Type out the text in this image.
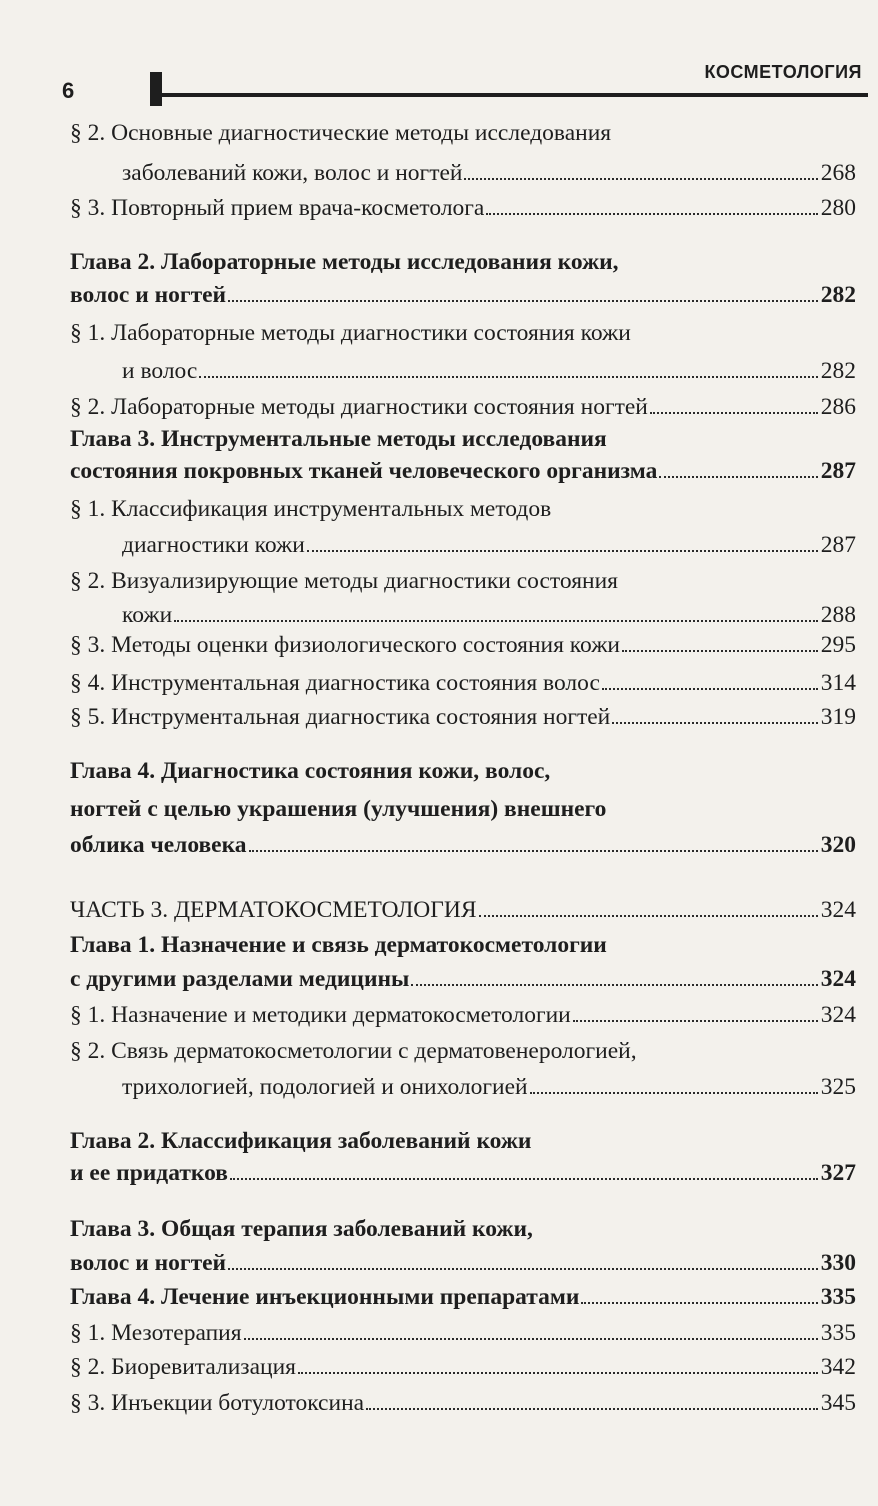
6
КОСМЕТОЛОГИЯ
§ 2. Основные диагностические методы исследования
заболеваний кожи, волос и ногтей	268
§ 3. Повторный прием врача-косметолога	280
Глава 2. Лабораторные методы исследования кожи,
волос и ногтей	282
§ 1. Лабораторные методы диагностики состояния кожи
и волос	282
§ 2. Лабораторные методы диагностики состояния ногтей	286
Глава 3. Инструментальные методы исследования
состояния покровных тканей человеческого организма	287
§ 1. Классификация инструментальных методов
диагностики кожи	287
§ 2. Визуализирующие методы диагностики состояния
кожи	288
§ 3. Методы оценки физиологического состояния кожи	295
§ 4. Инструментальная диагностика состояния волос	314
§ 5. Инструментальная диагностика состояния ногтей	319
Глава 4. Диагностика состояния кожи, волос,
ногтей с целью украшения (улучшения) внешнего
облика человека	320
ЧАСТЬ 3. ДЕРМАТОКОСМЕТОЛОГИЯ	324
Глава 1. Назначение и связь дерматокосметологии
с другими разделами медицины	324
§ 1. Назначение и методики дерматокосметологии	324
§ 2. Связь дерматокосметологии с дерматовенерологией,
трихологией, подологией и онихологией	325
Глава 2. Классификация заболеваний кожи
и ее придатков	327
Глава 3. Общая терапия заболеваний кожи,
волос и ногтей	330
Глава 4. Лечение инъекционными препаратами	335
§ 1. Мезотерапия	335
§ 2. Биоревитализация	342
§ 3. Инъекции ботулотоксина	345
